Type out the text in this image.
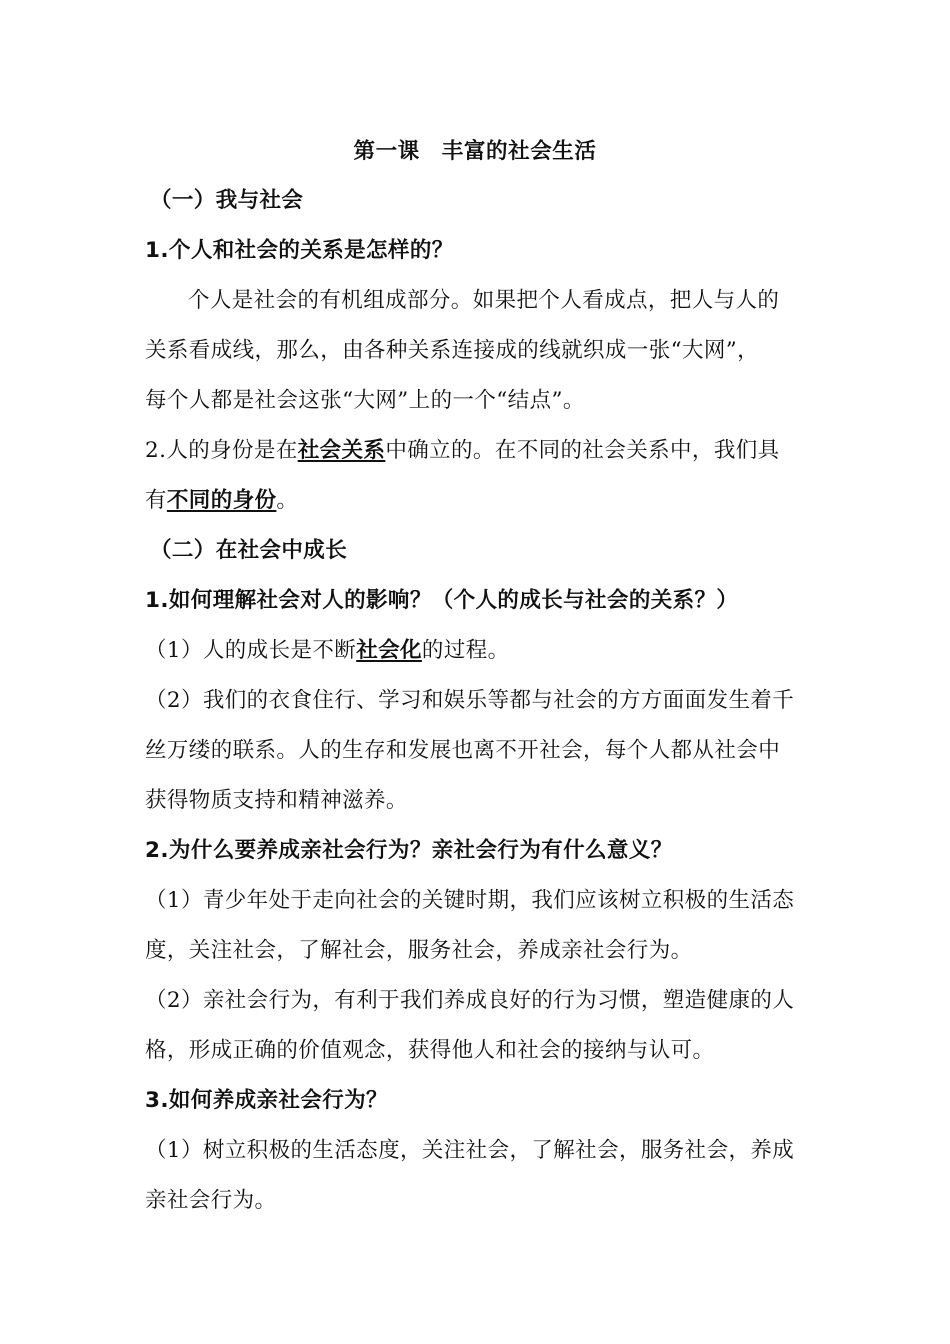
第一课 丰富的社会生活
（一）我与社会
1.个人和社会的关系是怎样的？
个人是社会的有机组成部分。如果把个人看成点，把人与人的
关系看成线，那么，由各种关系连接成的线就织成一张“大网”，
每个人都是社会这张“大网”上的一个“结点”。
2.人的身份是在社会关系中确立的。在不同的社会关系中，我们具
有不同的身份。
（二）在社会中成长
1.如何理解社会对人的影响？（个人的成长与社会的关系？）
（1）人的成长是不断社会化的过程。
（2）我们的衣食住行、学习和娱乐等都与社会的方方面面发生着千
丝万缕的联系。人的生存和发展也离不开社会，每个人都从社会中
获得物质支持和精神滋养。
2.为什么要养成亲社会行为？亲社会行为有什么意义？
（1）青少年处于走向社会的关键时期，我们应该树立积极的生活态
度，关注社会，了解社会，服务社会，养成亲社会行为。
（2）亲社会行为，有利于我们养成良好的行为习惯，塑造健康的人
格，形成正确的价值观念，获得他人和社会的接纳与认可。
3.如何养成亲社会行为？
（1）树立积极的生活态度，关注社会，了解社会，服务社会，养成
亲社会行为。
